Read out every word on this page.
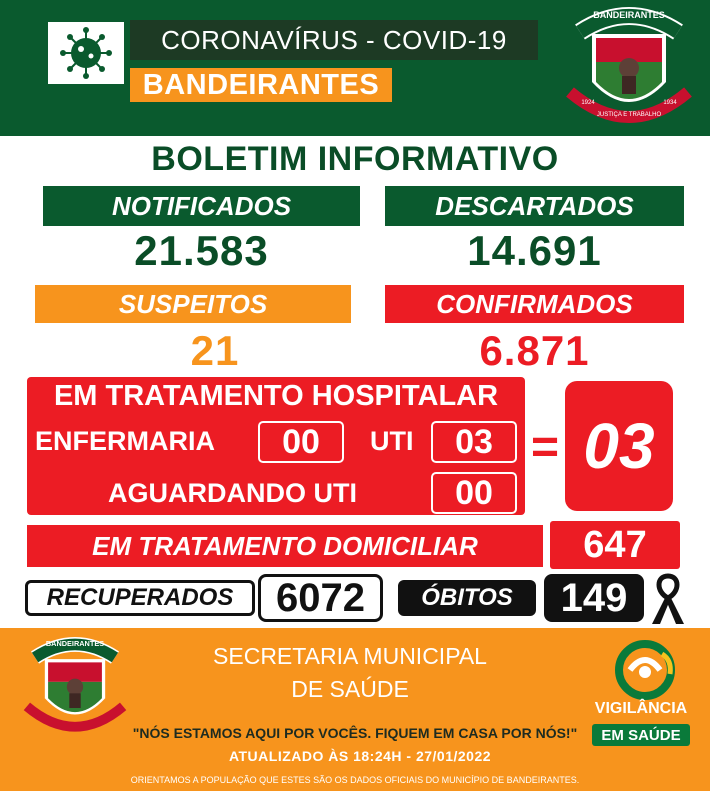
CORONAVÍRUS - COVID-19
BANDEIRANTES
BANDEIRANTES
JUSTIÇA E TRABALHO
1924	1934
BOLETIM INFORMATIVO
NOTIFICADOS
21.583
DESCARTADOS
14.691
SUSPEITOS
21
CONFIRMADOS
6.871
EM TRATAMENTO HOSPITALAR
ENFERMARIA	00	UTI	03
AGUARDANDO UTI	00
= 03
EM TRATAMENTO DOMICILIAR	647
RECUPERADOS	6072	ÓBITOS	149
BANDEIRANTES	SECRETARIA MUNICIPAL
DE SAÚDE
VIGILÂNCIA
EM SAÚDE
"NÓS ESTAMOS AQUI POR VOCÊS. FIQUEM EM CASA POR NÓS!"
ATUALIZADO ÀS 18:24H - 27/01/2022
ORIENTAMOS A POPULAÇÃO QUE ESTES SÃO OS DADOS OFICIAIS DO MUNICÍPIO DE BANDEIRANTES.
